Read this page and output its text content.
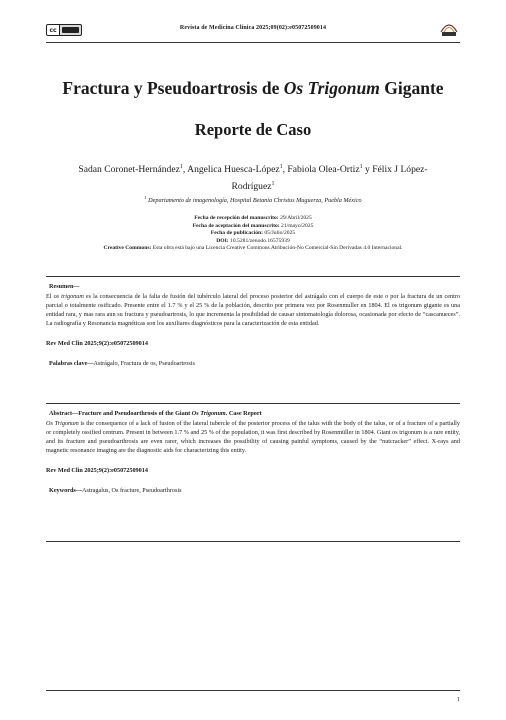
cc	Revista de Medicina Clínica 2025;09(02):e05072509014
Fractura y Pseudoartrosis de Os Trigonum Gigante
Reporte de Caso
Sadan Coronet-Hernández$^1$, Angelica Huesca-López$^1$, Fabiola Olea-Ortiz$^1$ y Félix J López-Rodríguez$^1$
$^1$ Departamento de imagenología, Hospital Betania Christus Muguerza, Puebla México
Fecha de recepción del manuscrito: 29/Abril/2025
Fecha de aceptación del manuscrito: 21/mayo/2025
Fecha de publicación: 05/Julio/2025
DOI: 10.5281/zenodo.16575939
Creative Commons: Esta obra está bajo una Licencia Creative Commons Atribución-No Comercial-Sin Derivadas 4.0 Internacional.
Resumen—
El os trigonum es la consecuencia de la falta de fusión del tubérculo lateral del proceso posterior del astrágalo con el cuerpo de este o por la fractura de un centro parcial o totalmente osificado. Presente entre el 1.7 % y el 25 % de la población, descrito por primera vez por Rosenmuller en 1804. El os trigonum gigante es una entidad rara, y mas rara aun su fractura y pseudoartrosis, lo que incrementa la posibilidad de causar sintomatología dolorosa, ocasionada por efecto de “cascanueces”. La radiografía y Resonancia magnéticas son los auxiliares diagnósticos para la caracterización de esta entidad.
Rev Med Clin 2025;9(2):e05072509014
Palabras clave—Astrágalo, Fractura de os, Pseudoartrosis
Abstract—Fracture and Pseudoarthrosis of the Giant Os Trigonum. Case Report
Os Trigonum is the consequence of a lack of fusion of the lateral tubercle of the posterior process of the talus with the body of the talus, or of a fracture of a partially or completely ossified centrum. Present in between 1.7 % and 25 % of the population, it was first described by Rosenmüller in 1804. Giant os trigonum is a rare entity, and its fracture and pseudoarthrosis are even rarer, which increases the possibility of causing painful symptoms, caused by the “nutcracker” effect. X-rays and magnetic resonance imaging are the diagnostic aids for characterizing this entity.
Rev Med Clin 2025;9(2):e05072509014
Keywords—Astragalus, Os fracture, Pseudoarthrosis
1
